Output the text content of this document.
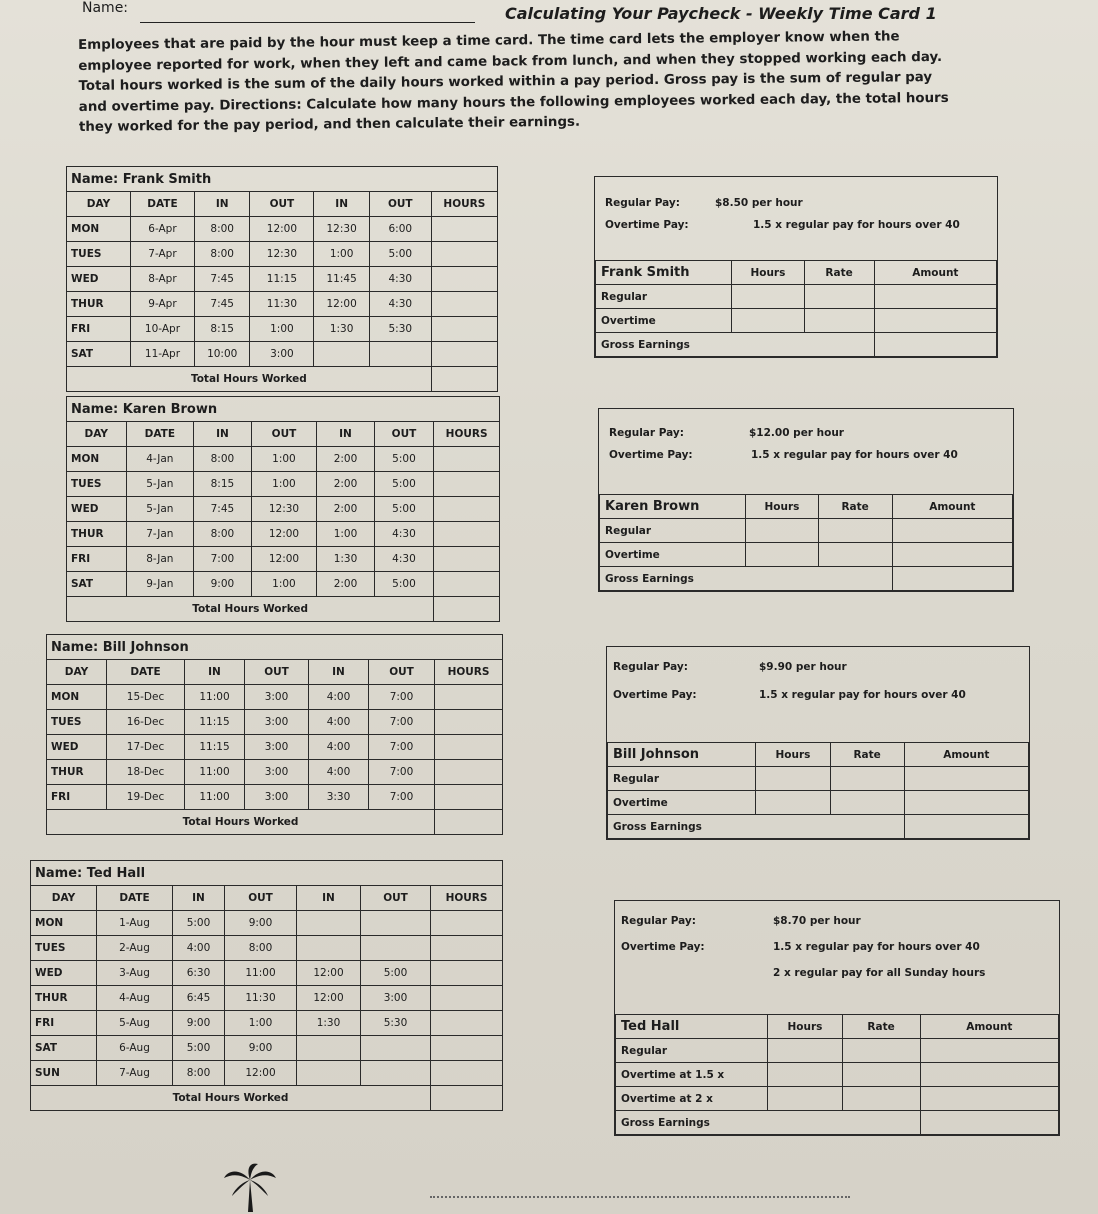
Name:	Calculating Your Paycheck - Weekly Time Card 1
Employees that are paid by the hour must keep a time card. The time card lets the employer know when the employee reported for work, when they left and came back from lunch, and when they stopped working each day. Total hours worked is the sum of the daily hours worked within a pay period. Gross pay is the sum of regular pay and overtime pay. Directions: Calculate how many hours the following employees worked each day, the total hours they worked for the pay period, and then calculate their earnings.
Name: Frank Smith						
DAY	DATE	IN	OUT	IN	OUT	HOURS
MON	6-Apr	8:00	12:00	12:30	6:00	
TUES	7-Apr	8:00	12:30	1:00	5:00	
WED	8-Apr	7:45	11:15	11:45	4:30	
THUR	9-Apr	7:45	11:30	12:00	4:30	
FRI	10-Apr	8:15	1:00	1:30	5:30	
SAT	11-Apr	10:00	3:00			
Total Hours Worked						
Name: Karen Brown						
DAY	DATE	IN	OUT	IN	OUT	HOURS
MON	4-Jan	8:00	1:00	2:00	5:00	
TUES	5-Jan	8:15	1:00	2:00	5:00	
WED	5-Jan	7:45	12:30	2:00	5:00	
THUR	7-Jan	8:00	12:00	1:00	4:30	
FRI	8-Jan	7:00	12:00	1:30	4:30	
SAT	9-Jan	9:00	1:00	2:00	5:00	
Total Hours Worked						
Name: Bill Johnson						
DAY	DATE	IN	OUT	IN	OUT	HOURS
MON	15-Dec	11:00	3:00	4:00	7:00	
TUES	16-Dec	11:15	3:00	4:00	7:00	
WED	17-Dec	11:15	3:00	4:00	7:00	
THUR	18-Dec	11:00	3:00	4:00	7:00	
FRI	19-Dec	11:00	3:00	3:30	7:00	
Total Hours Worked						
Name: Ted Hall						
DAY	DATE	IN	OUT	IN	OUT	HOURS
MON	1-Aug	5:00	9:00			
TUES	2-Aug	4:00	8:00			
WED	3-Aug	6:30	11:00	12:00	5:00	
THUR	4-Aug	6:45	11:30	12:00	3:00	
FRI	5-Aug	9:00	1:00	1:30	5:30	
SAT	6-Aug	5:00	9:00			
SUN	7-Aug	8:00	12:00			
Total Hours Worked						
Regular Pay:	$8.50 per hour
Overtime Pay:	1.5 x regular pay for hours over 40
Frank Smith	Hours	Rate	Amount
Regular			
Overtime			
Gross Earnings			
Regular Pay:	$12.00 per hour
Overtime Pay:	1.5 x regular pay for hours over 40
Karen Brown	Hours	Rate	Amount
Regular			
Overtime			
Gross Earnings			
Regular Pay:	$9.90 per hour
Overtime Pay:	1.5 x regular pay for hours over 40
Bill Johnson	Hours	Rate	Amount
Regular			
Overtime			
Gross Earnings			
Regular Pay:	$8.70 per hour
Overtime Pay:	1.5 x regular pay for hours over 40
2 x regular pay for all Sunday hours
Ted Hall	Hours	Rate	Amount
Regular			
Overtime at 1.5 x			
Overtime at 2 x			
Gross Earnings			
